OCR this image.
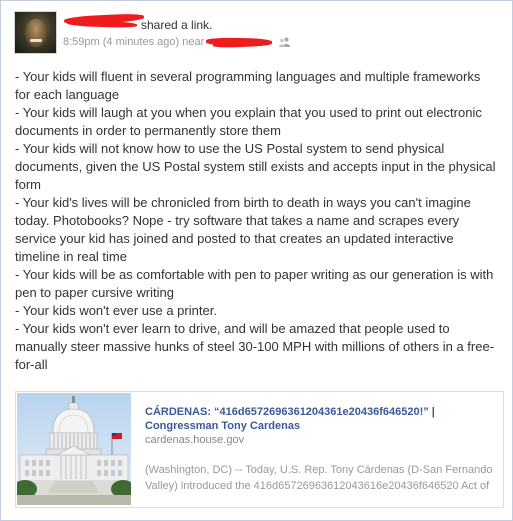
shared a link.
8:59pm (4 minutes ago) near

- Your kids will fluent in several programming languages and multiple frameworks for each language

- Your kids will laugh at you when you explain that you used to print out electronic documents in order to permanently store them

- Your kids will not know how to use the US Postal system to send physical documents, given the US Postal system still exists and accepts input in the physical form

- Your kid's lives will be chronicled from birth to death in ways you can't imagine today. Photobooks? Nope - try software that takes a name and scrapes every service your kid has joined and posted to that creates an updated interactive timeline in real time

- Your kids will be as comfortable with pen to paper writing as our generation is with pen to paper cursive writing

- Your kids won't ever use a printer.

- Your kids won't ever learn to drive, and will be amazed that people used to manually steer massive hunks of steel 30-100 MPH with millions of others in a free-for-all

CÁRDENAS: “416d6572696361204361e20436f646520!” | Congressman Tony Cardenas
cardenas.house.gov
(Washington, DC) -- Today, U.S. Rep. Tony Cárdenas (D-San Fernando Valley) introduced the 416d65726963612043616e20436f646520 Act of
